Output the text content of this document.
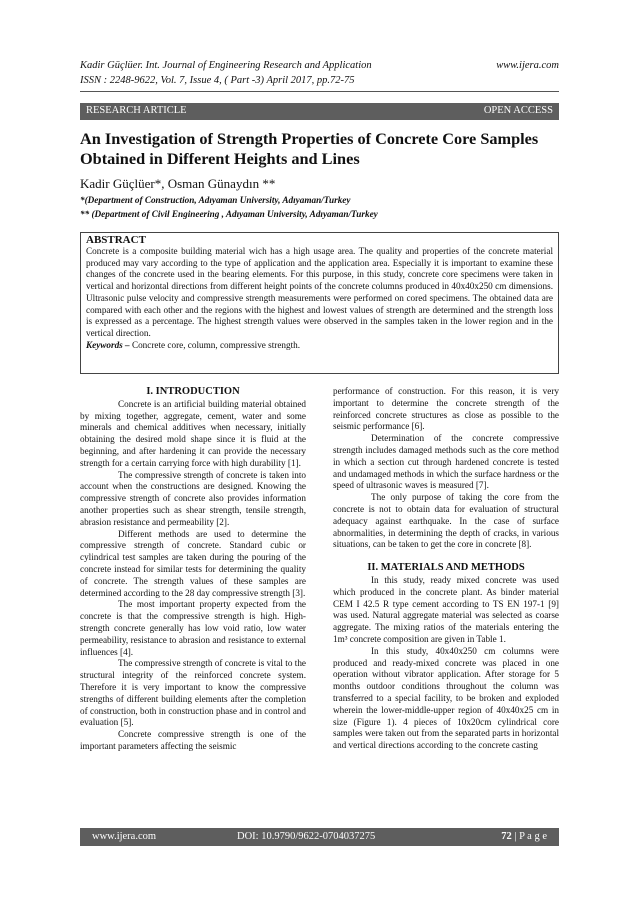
Kadir Güçlüer. Int. Journal of Engineering Research and Application	www.ijera.com
ISSN : 2248-9622, Vol. 7, Issue 4, ( Part -3) April 2017, pp.72-75
RESEARCH ARTICLE	OPEN ACCESS
An Investigation of Strength Properties of Concrete Core Samples
Obtained in Different Heights and Lines
Kadir Güçlüer*, Osman Günaydın **
*(Department of Construction, Adıyaman University, Adıyaman/Turkey
** (Department of Civil Engineering , Adıyaman University, Adıyaman/Turkey
ABSTRACT

Concrete is a composite building material wich has a high usage area. The quality and properties of the concrete material produced may vary according to the type of application and the application area. Especially it is important to examine these changes of the concrete used in the bearing elements. For this purpose, in this study, concrete core specimens were taken in vertical and horizontal directions from different height points of the concrete columns produced in 40x40x250 cm dimensions. Ultrasonic pulse velocity and compressive strength measurements were performed on cored specimens. The obtained data are compared with each other and the regions with the highest and lowest values of strength are determined and the strength loss is expressed as a percentage. The highest strength values were observed in the samples taken in the lower region and in the vertical direction.

Keywords – Concrete core, column, compressive strength.
I. INTRODUCTION

Concrete is an artificial building material obtained by mixing together, aggregate, cement, water and some minerals and chemical additives when necessary, initially obtaining the desired mold shape since it is fluid at the beginning, and after hardening it can provide the necessary strength for a certain carrying force with high durability [1].

The compressive strength of concrete is taken into account when the constructions are designed. Knowing the compressive strength of concrete also provides information another properties such as shear strength, tensile strength, abrasion resistance and permeability [2].

Different methods are used to determine the compressive strength of concrete. Standard cubic or cylindrical test samples are taken during the pouring of the concrete instead for similar tests for determining the quality of concrete. The strength values of these samples are determined according to the 28 day compressive strength [3].

The most important property expected from the concrete is that the compressive strength is high. High-strength concrete generally has low void ratio, low water permeability, resistance to abrasion and resistance to external influences [4].

The compressive strength of concrete is vital to the structural integrity of the reinforced concrete system. Therefore it is very important to know the compressive strengths of different building elements after the completion of construction, both in construction phase and in control and evaluation [5].

Concrete compressive strength is one of the important parameters affecting the seismic

performance of construction. For this reason, it is very important to determine the concrete strength of the reinforced concrete structures as close as possible to the seismic performance [6].

Determination of the concrete compressive strength includes damaged methods such as the core method in which a section cut through hardened concrete is tested and undamaged methods in which the surface hardness or the speed of ultrasonic waves is measured [7].

The only purpose of taking the core from the concrete is not to obtain data for evaluation of structural adequacy against earthquake. In the case of surface abnormalities, in determining the depth of cracks, in various situations, can be taken to get the core in concrete [8].

II. MATERIALS AND METHODS

In this study, ready mixed concrete was used which produced in the concrete plant. As binder material CEM I 42.5 R type cement according to TS EN 197-1 [9] was used. Natural aggregate material was selected as coarse aggregate. The mixing ratios of the materials entering the 1m³ concrete composition are given in Table 1.

In this study, 40x40x250 cm columns were produced and ready-mixed concrete was placed in one operation without vibrator application. After storage for 5 months outdoor conditions throughout the column was transferred to a special facility, to be broken and exploded wherein the lower-middle-upper region of 40x40x25 cm in size (Figure 1). 4 pieces of 10x20cm cylindrical core samples were taken out from the separated parts in horizontal and vertical directions according to the concrete casting

www.ijera.com	DOI: 10.9790/9622-0704037275	72 | P a g e
